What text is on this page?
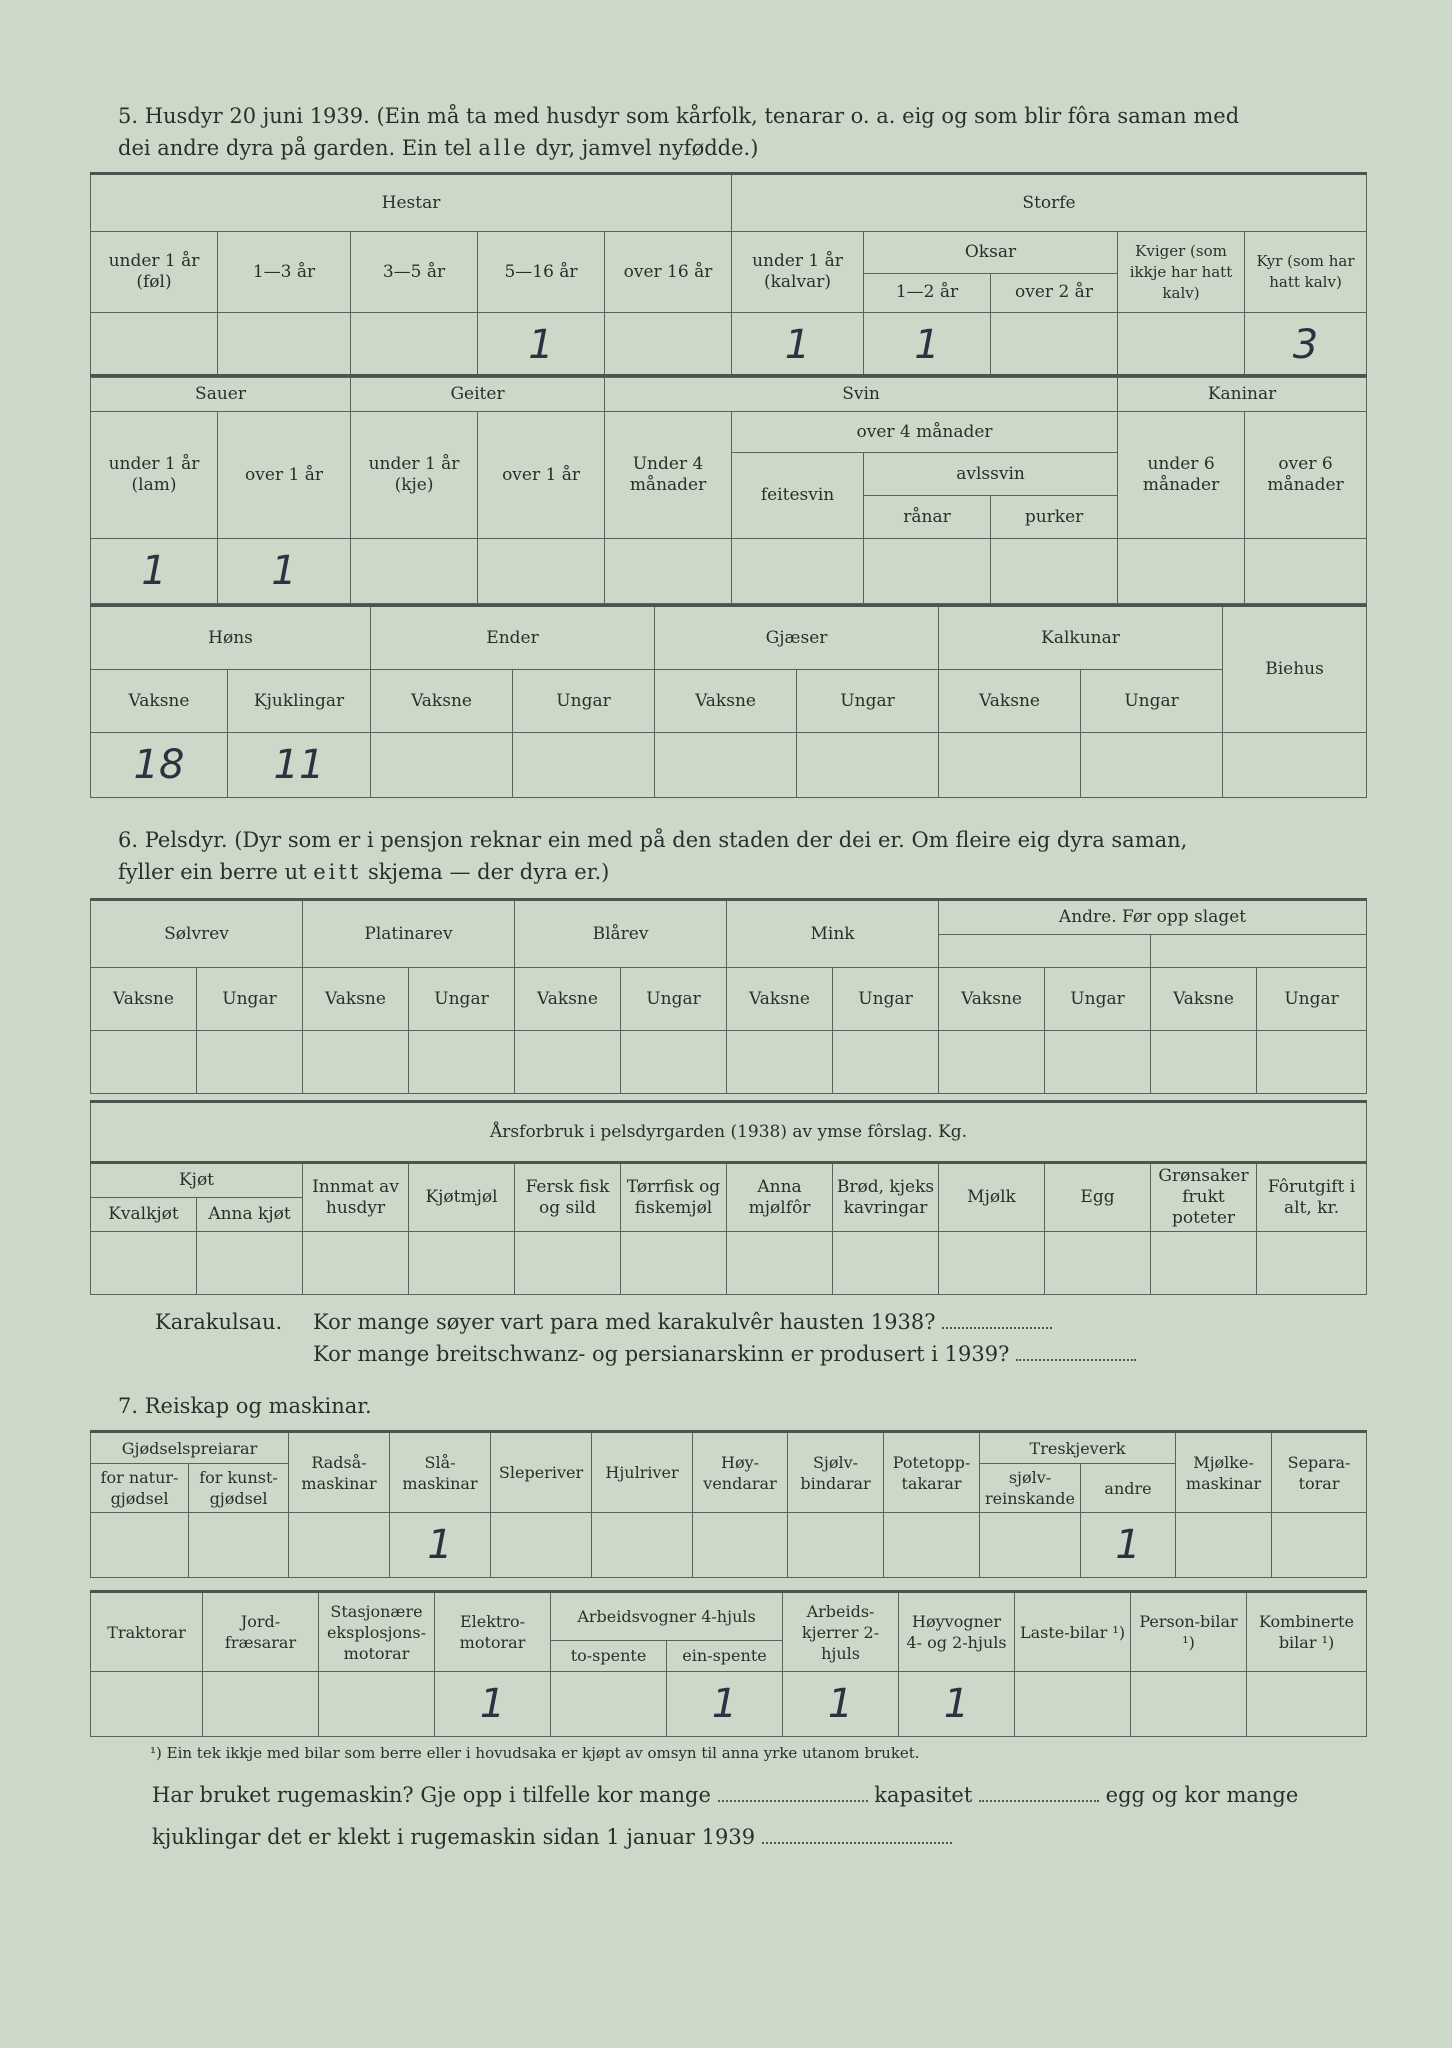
5. Husdyr 20 juni 1939. (Ein må ta med husdyr som kårfolk, tenarar o. a. eig og som blir fôra saman med
dei andre dyra på garden. Ein tel alle dyr, jamvel nyfødde.)
Hestar					Storfe				
under 1 år (føl)	1—3 år	3—5 år	5—16 år	over 16 år	under 1 år (kalvar)	Oksar		Kviger (som ikkje har hatt kalv)	Kyr (som har hatt kalv)
						1—2 år	over 2 år		
			1		1	1			3
Sauer		Geiter		Svin				Kaninar	
under 1 år (lam)	over 1 år	under 1 år (kje)	over 1 år	Under 4 månader	over 4 månader			under 6 månader	over 6 månader
					feitesvin	avlssvin			
						rånar	purker		
1	1								
Høns		Ender		Gjæser		Kalkunar		Biehus
Vaksne	Kjuklingar	Vaksne	Ungar	Vaksne	Ungar	Vaksne	Ungar	
18	11							
6. Pelsdyr. (Dyr som er i pensjon reknar ein med på den staden der dei er. Om fleire eig dyra saman,
fyller ein berre ut eitt skjema — der dyra er.)
Sølvrev		Platinarev		Blårev		Mink		Andre. Før opp slaget			

Vaksne	Ungar	Vaksne	Ungar	Vaksne	Ungar	Vaksne	Ungar	Vaksne	Ungar	Vaksne	Ungar

Årsforbruk i pelsdyrgarden (1938) av ymse fôrslag. Kg.											
Kjøt		Innmat av husdyr	Kjøtmjøl	Fersk fisk og sild	Tørrfisk og fiskemjøl	Anna mjølfôr	Brød, kjeks kavringar	Mjølk	Egg	Grønsaker frukt poteter	Fôrutgift i alt, kr.
Kvalkjøt	Anna kjøt										

Karakulsau. Kor mange søyer vart para med karakulvêr hausten 1938?
Kor mange breitschwanz- og persianarskinn er produsert i 1939?
7. Reiskap og maskinar.
Gjødselspreiarar		Radså-maskinar	Slå-maskinar	Sleperiver	Hjulriver	Høy-vendarar	Sjølv-bindarar	Potetopp-takarar	Treskjeverk		Mjølke-maskinar	Separa-torar
for natur-gjødsel	for kunst-gjødsel								sjølv-reinskande	andre		
			1							1		
Traktorar	Jord-fræsarar	Stasjonære eksplosjons-motorar	Elektro-motorar	Arbeidsvogner 4-hjuls		Arbeids-kjerrer 2-hjuls	Høyvogner 4- og 2-hjuls	Laste-bilar ¹)	Person-bilar ¹)	Kombinerte bilar ¹)
				to-spente	ein-spente					
			1		1	1	1			
¹) Ein tek ikkje med bilar som berre eller i hovudsaka er kjøpt av omsyn til anna yrke utanom bruket.
Har bruket rugemaskin? Gje opp i tilfelle kor mange	kapasitet	egg og kor mange
kjuklingar det er klekt i rugemaskin sidan 1 januar 1939
